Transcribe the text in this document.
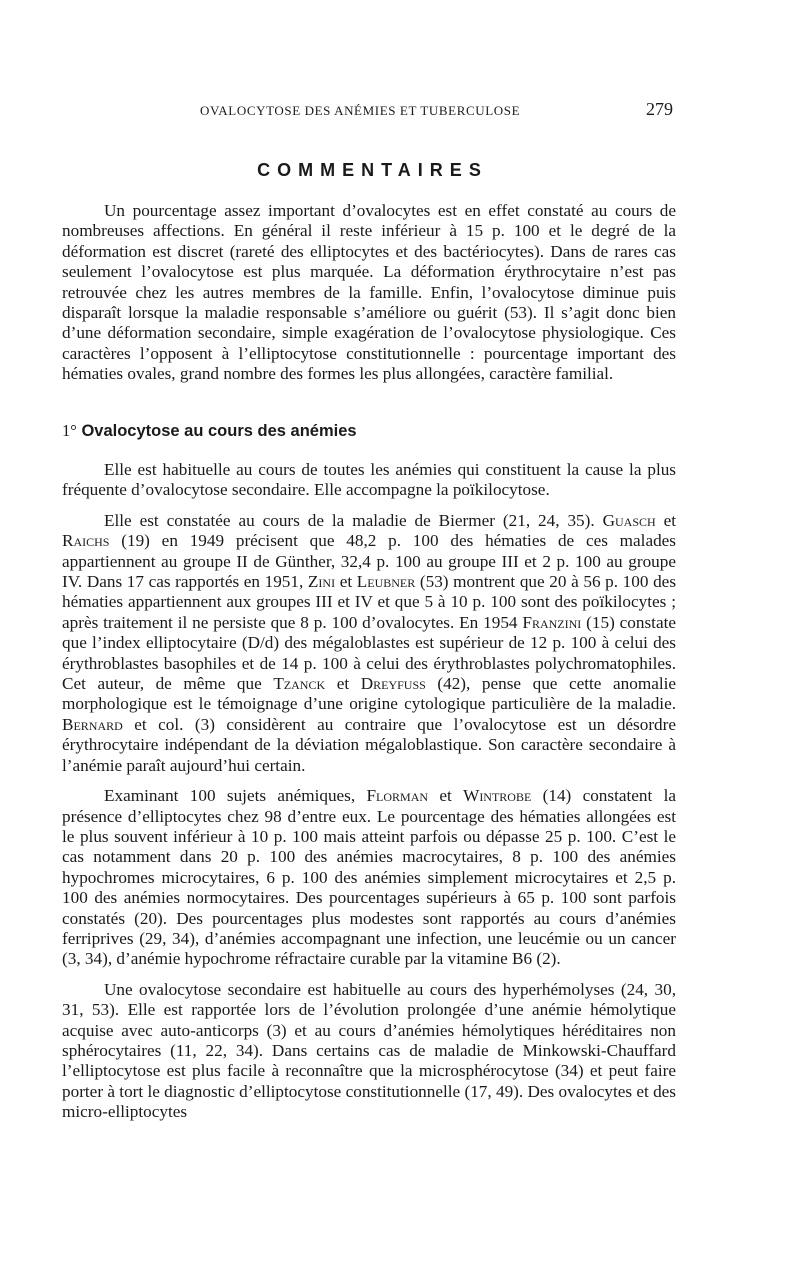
OVALOCYTOSE DES ANÉMIES ET TUBERCULOSE	279
COMMENTAIRES

Un pourcentage assez important d’ovalocytes est en effet constaté au cours de nombreuses affections. En général il reste inférieur à 15 p. 100 et le degré de la déformation est discret (rareté des elliptocytes et des bactériocytes). Dans de rares cas seulement l’ovalocytose est plus marquée. La déformation érythrocytaire n’est pas retrouvée chez les autres membres de la famille. Enfin, l’ovalocytose diminue puis disparaît lorsque la maladie responsable s’améliore ou guérit (53). Il s’agit donc bien d’une déformation secondaire, simple exagération de l’ovalocytose physiologique. Ces caractères l’opposent à l’elliptocytose constitutionnelle : pourcentage important des hématies ovales, grand nombre des formes les plus allongées, caractère familial.

1° Ovalocytose au cours des anémies

Elle est habituelle au cours de toutes les anémies qui constituent la cause la plus fréquente d’ovalocytose secondaire. Elle accompagne la poïkilocytose.

Elle est constatée au cours de la maladie de Biermer (21, 24, 35). Guasch et Raichs (19) en 1949 précisent que 48,2 p. 100 des hématies de ces malades appartiennent au groupe II de Günther, 32,4 p. 100 au groupe III et 2 p. 100 au groupe IV. Dans 17 cas rapportés en 1951, Zini et Leubner (53) montrent que 20 à 56 p. 100 des hématies appartiennent aux groupes III et IV et que 5 à 10 p. 100 sont des poïkilocytes ; après traitement il ne persiste que 8 p. 100 d’ovalocytes. En 1954 Franzini (15) constate que l’index elliptocytaire (D/d) des mégaloblastes est supérieur de 12 p. 100 à celui des érythroblastes basophiles et de 14 p. 100 à celui des érythroblastes polychromatophiles. Cet auteur, de même que Tzanck et Dreyfuss (42), pense que cette anomalie morphologique est le témoignage d’une origine cytologique particulière de la maladie. Bernard et col. (3) considèrent au contraire que l’ovalocytose est un désordre érythrocytaire indépendant de la déviation mégaloblastique. Son caractère secondaire à l’anémie paraît aujourd’hui certain.

Examinant 100 sujets anémiques, Florman et Wintrobe (14) constatent la présence d’elliptocytes chez 98 d’entre eux. Le pourcentage des hématies allongées est le plus souvent inférieur à 10 p. 100 mais atteint parfois ou dépasse 25 p. 100. C’est le cas notamment dans 20 p. 100 des anémies macrocytaires, 8 p. 100 des anémies hypochromes microcytaires, 6 p. 100 des anémies simplement microcytaires et 2,5 p. 100 des anémies normocytaires. Des pourcentages supérieurs à 65 p. 100 sont parfois constatés (20). Des pourcentages plus modestes sont rapportés au cours d’anémies ferriprives (29, 34), d’anémies accompagnant une infection, une leucémie ou un cancer (3, 34), d’anémie hypochrome réfractaire curable par la vitamine B6 (2).

Une ovalocytose secondaire est habituelle au cours des hyperhémolyses (24, 30, 31, 53). Elle est rapportée lors de l’évolution prolongée d’une anémie hémolytique acquise avec auto-anticorps (3) et au cours d’anémies hémolytiques héréditaires non sphérocytaires (11, 22, 34). Dans certains cas de maladie de Minkowski-Chauffard l’elliptocytose est plus facile à reconnaître que la microsphérocytose (34) et peut faire porter à tort le diagnostic d’elliptocytose constitutionnelle (17, 49). Des ovalocytes et des micro-elliptocytes
